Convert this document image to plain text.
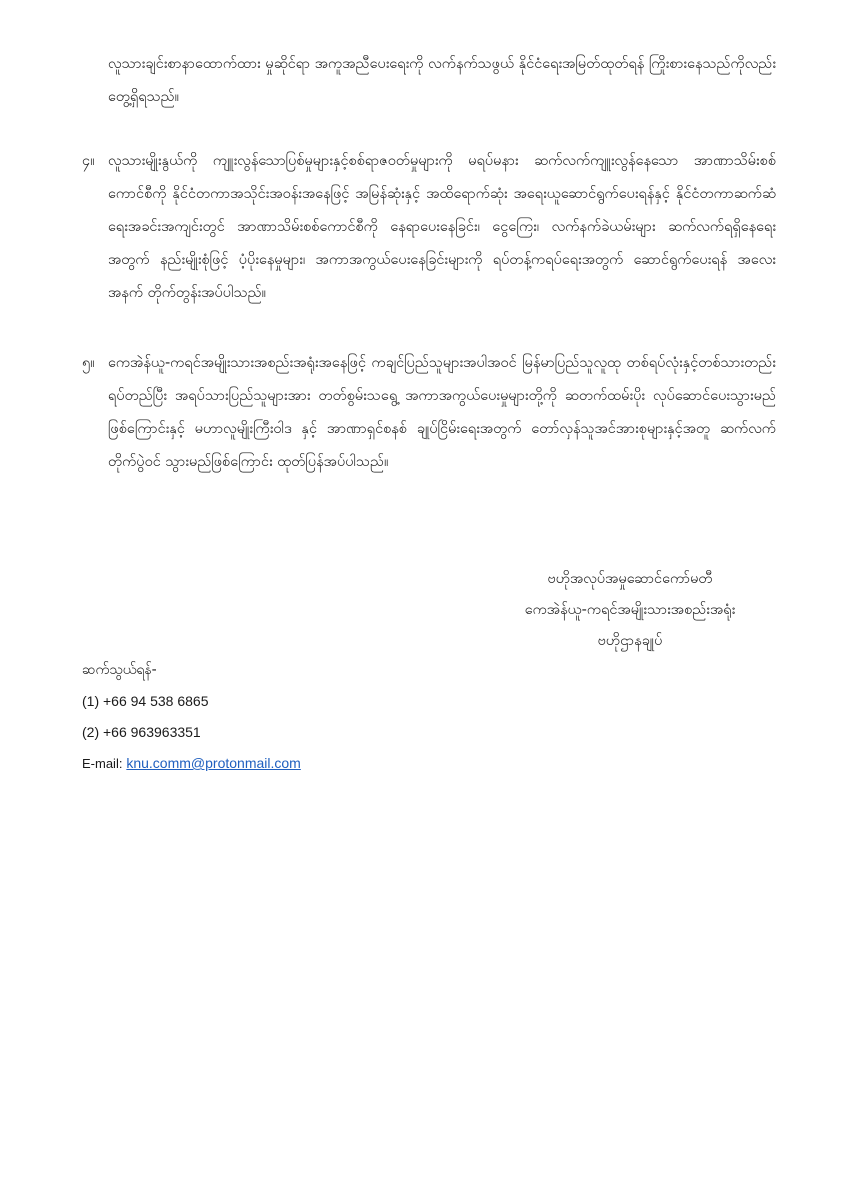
လူသားချင်းစာနာထောက်ထား မှုဆိုင်ရာ အကူအညီပေးရေးကို လက်နက်သဖွယ် နိုင်ငံရေးအမြတ်ထုတ်ရန် ကြိုးစားနေသည်ကိုလည်း တွေ့ရှိရသည်။

၄။ လူသားမျိုးနွယ်ကို ကျူးလွန်သောပြစ်မှုများနှင့်စစ်ရာဇဝတ်မှုများကို မရပ်မနား ဆက်လက်ကျူးလွန်နေသော အာဏာသိမ်းစစ်ကောင်စီကို နိုင်ငံတကာအသိုင်းအဝန်းအနေဖြင့် အမြန်ဆုံးနှင့် အထိရောက်ဆုံး အရေးယူဆောင်ရွက်ပေးရန်နှင့် နိုင်ငံတကာဆက်ဆံရေးအခင်းအကျင်းတွင် အာဏာသိမ်းစစ်ကောင်စီကို နေရာပေးနေခြင်း၊ ငွေကြေး၊ လက်နက်ခဲယမ်းများ ဆက်လက်ရရှိနေရေးအတွက် နည်းမျိုးစုံဖြင့် ပံ့ပိုးနေမှုများ၊ အကာအကွယ်ပေးနေခြင်းများကို ရပ်တန့်ကရပ်ရေးအတွက် ဆောင်ရွက်ပေးရန် အလေးအနက် တိုက်တွန်းအပ်ပါသည်။

၅။ ကေအဲန်ယူ-ကရင်အမျိုးသားအစည်းအရုံးအနေဖြင့် ကချင်ပြည်သူများအပါအဝင် မြန်မာပြည်သူလူထု တစ်ရပ်လုံးနှင့်တစ်သားတည်းရပ်တည်ပြီး အရပ်သားပြည်သူများအား တတ်စွမ်းသရွေ့ အကာအကွယ်ပေးမှုများတို့ကို ဆတက်ထမ်းပိုး လုပ်ဆောင်ပေးသွားမည် ဖြစ်ကြောင်းနှင့် မဟာလူမျိုးကြီးဝါဒ နှင့် အာဏာရှင်စနစ် ချုပ်ငြိမ်းရေးအတွက် တော်လှန်သူအင်အားစုများနှင့်အတူ ဆက်လက်တိုက်ပွဲဝင် သွားမည်ဖြစ်ကြောင်း ထုတ်ပြန်အပ်ပါသည်။

ဗဟိုအလုပ်အမှုဆောင်ကော်မတီ
ကေအဲန်ယူ-ကရင်အမျိုးသားအစည်းအရုံး
ဗဟိုဌာနချုပ်
ဆက်သွယ်ရန်-
(1) +66 94 538 6865
(2) +66 963963351
E-mail: knu.comm@protonmail.com
